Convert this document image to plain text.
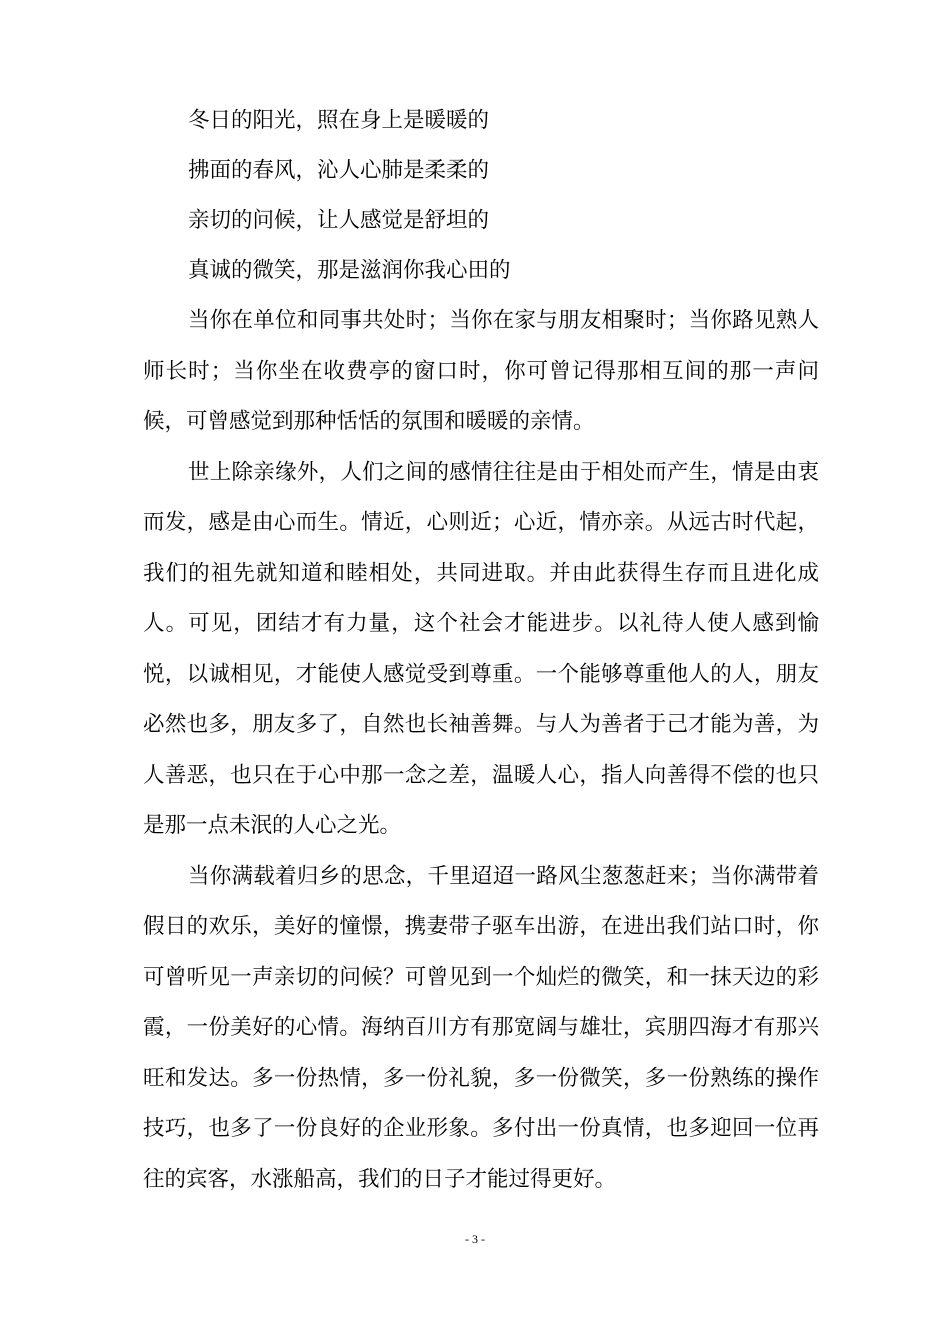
冬日的阳光，照在身上是暖暖的
拂面的春风，沁人心肺是柔柔的
亲切的问候，让人感觉是舒坦的
真诚的微笑，那是滋润你我心田的

当你在单位和同事共处时；当你在家与朋友相聚时；当你路见熟人师长时；当你坐在收费亭的窗口时，你可曾记得那相互间的那一声问候，可曾感觉到那种恬恬的氛围和暖暖的亲情。

世上除亲缘外，人们之间的感情往往是由于相处而产生，情是由衷而发，感是由心而生。情近，心则近；心近，情亦亲。从远古时代起，我们的祖先就知道和睦相处，共同进取。并由此获得生存而且进化成人。可见，团结才有力量，这个社会才能进步。以礼待人使人感到愉悦，以诚相见，才能使人感觉受到尊重。一个能够尊重他人的人，朋友必然也多，朋友多了，自然也长袖善舞。与人为善者于己才能为善，为人善恶，也只在于心中那一念之差，温暖人心，指人向善得不偿的也只是那一点未泯的人心之光。

当你满载着归乡的思念，千里迢迢一路风尘葱葱赶来；当你满带着假日的欢乐，美好的憧憬，携妻带子驱车出游，在进出我们站口时，你可曾听见一声亲切的问候？可曾见到一个灿烂的微笑，和一抹天边的彩霞，一份美好的心情。海纳百川方有那宽阔与雄壮，宾朋四海才有那兴旺和发达。多一份热情，多一份礼貌，多一份微笑，多一份熟练的操作技巧，也多了一份良好的企业形象。多付出一份真情，也多迎回一位再往的宾客，水涨船高，我们的日子才能过得更好。

- 3 -
